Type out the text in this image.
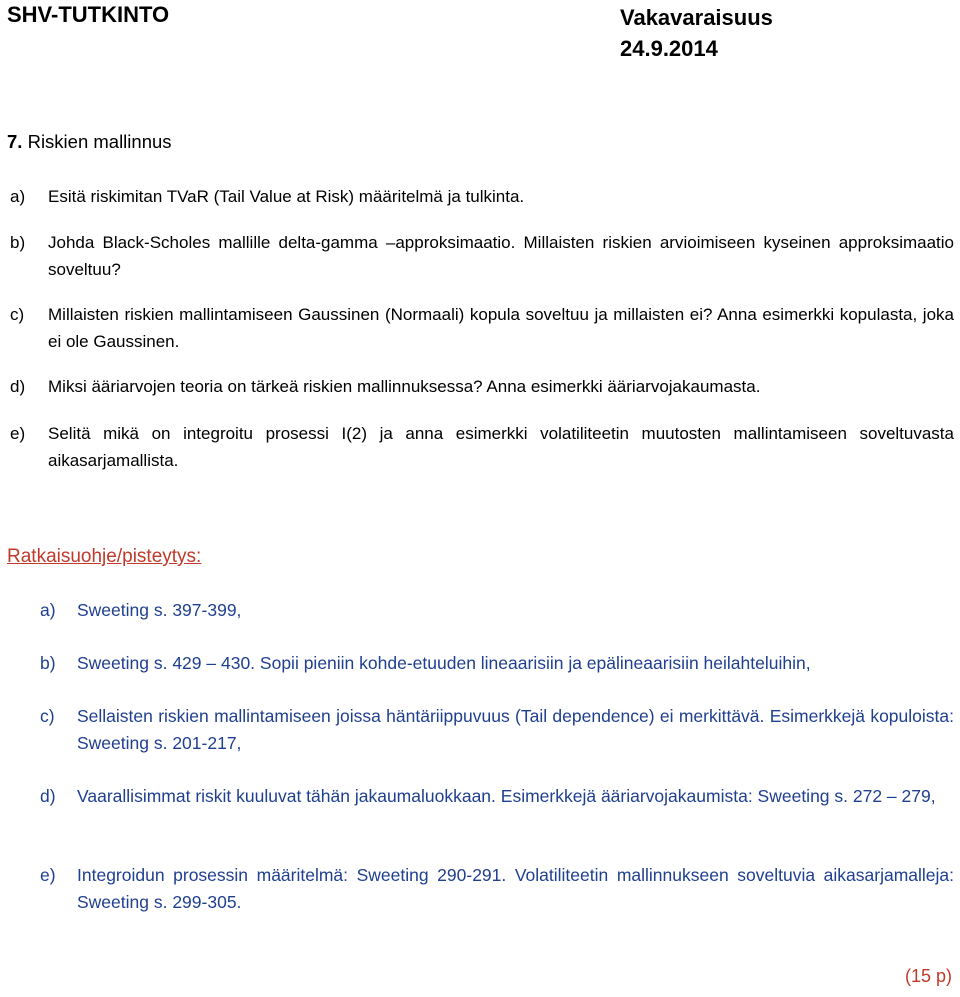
SHV-TUTKINTO	Vakavaraisuus
24.9.2014
7. Riskien mallinnus
a) Esitä riskimitan TVaR (Tail Value at Risk) määritelmä ja tulkinta.
b) Johda Black-Scholes mallille delta-gamma –approksimaatio. Millaisten riskien arvioimiseen kyseinen approksimaatio soveltuu?
c) Millaisten riskien mallintamiseen Gaussinen (Normaali) kopula soveltuu ja millaisten ei? Anna esimerkki kopulasta, joka ei ole Gaussinen.
d) Miksi ääriarvojen teoria on tärkeä riskien mallinnuksessa? Anna esimerkki ääriarvojakaumasta.
e) Selitä mikä on integroitu prosessi I(2) ja anna esimerkki volatiliteetin muutosten mallintamiseen soveltuvasta aikasarjamallista.
Ratkaisuohje/pisteytys:
a) Sweeting s. 397-399,
b) Sweeting s. 429 – 430. Sopii pieniin kohde-etuuden lineaarisiin ja epälineaarisiin heilahteluihin,
c) Sellaisten riskien mallintamiseen joissa häntäriippuvuus (Tail dependence) ei merkittävä. Esimerkkejä kopuloista: Sweeting s. 201-217,
d) Vaarallisimmat riskit kuuluvat tähän jakaumaluokkaan. Esimerkkejä ääriarvojakaumista: Sweeting s. 272 – 279,
e) Integroidun prosessin määritelmä: Sweeting 290-291. Volatiliteetin mallinnukseen soveltuvia aikasarjamalleja: Sweeting s. 299-305.
(15 p)
